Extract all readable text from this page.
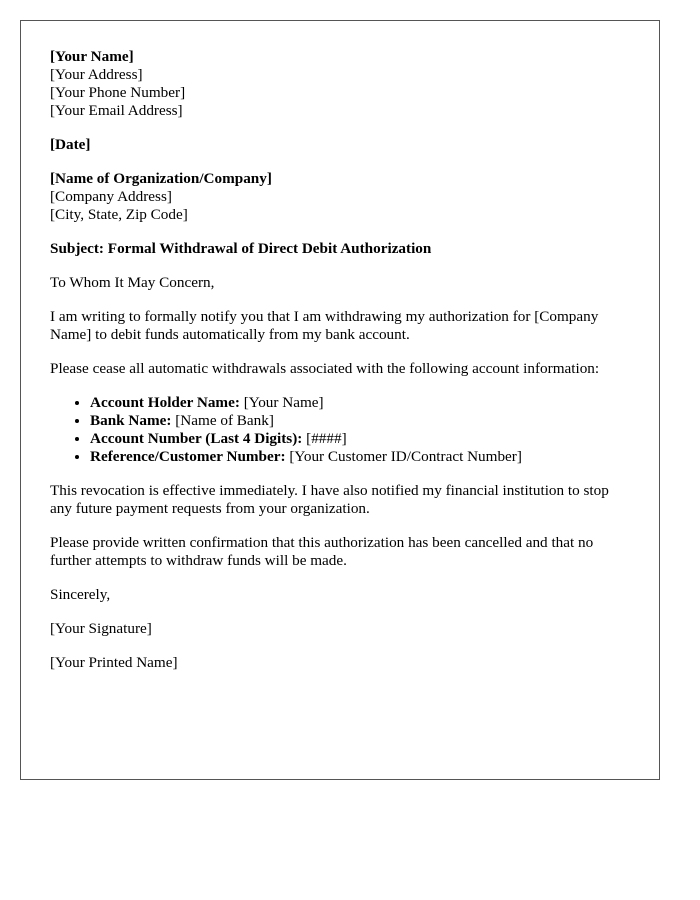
[Your Name]
[Your Address]
[Your Phone Number]
[Your Email Address]
[Date]
[Name of Organization/Company]
[Company Address]
[City, State, Zip Code]

Subject: Formal Withdrawal of Direct Debit Authorization

To Whom It May Concern,

I am writing to formally notify you that I am withdrawing my authorization for [Company Name] to debit funds automatically from my bank account.

Please cease all automatic withdrawals associated with the following account information:

• Account Holder Name: [Your Name]
• Bank Name: [Name of Bank]
• Account Number (Last 4 Digits): [####]
• Reference/Customer Number: [Your Customer ID/Contract Number]

This revocation is effective immediately. I have also notified my financial institution to stop any future payment requests from your organization.

Please provide written confirmation that this authorization has been cancelled and that no further attempts to withdraw funds will be made.

Sincerely,

[Your Signature]

[Your Printed Name]
